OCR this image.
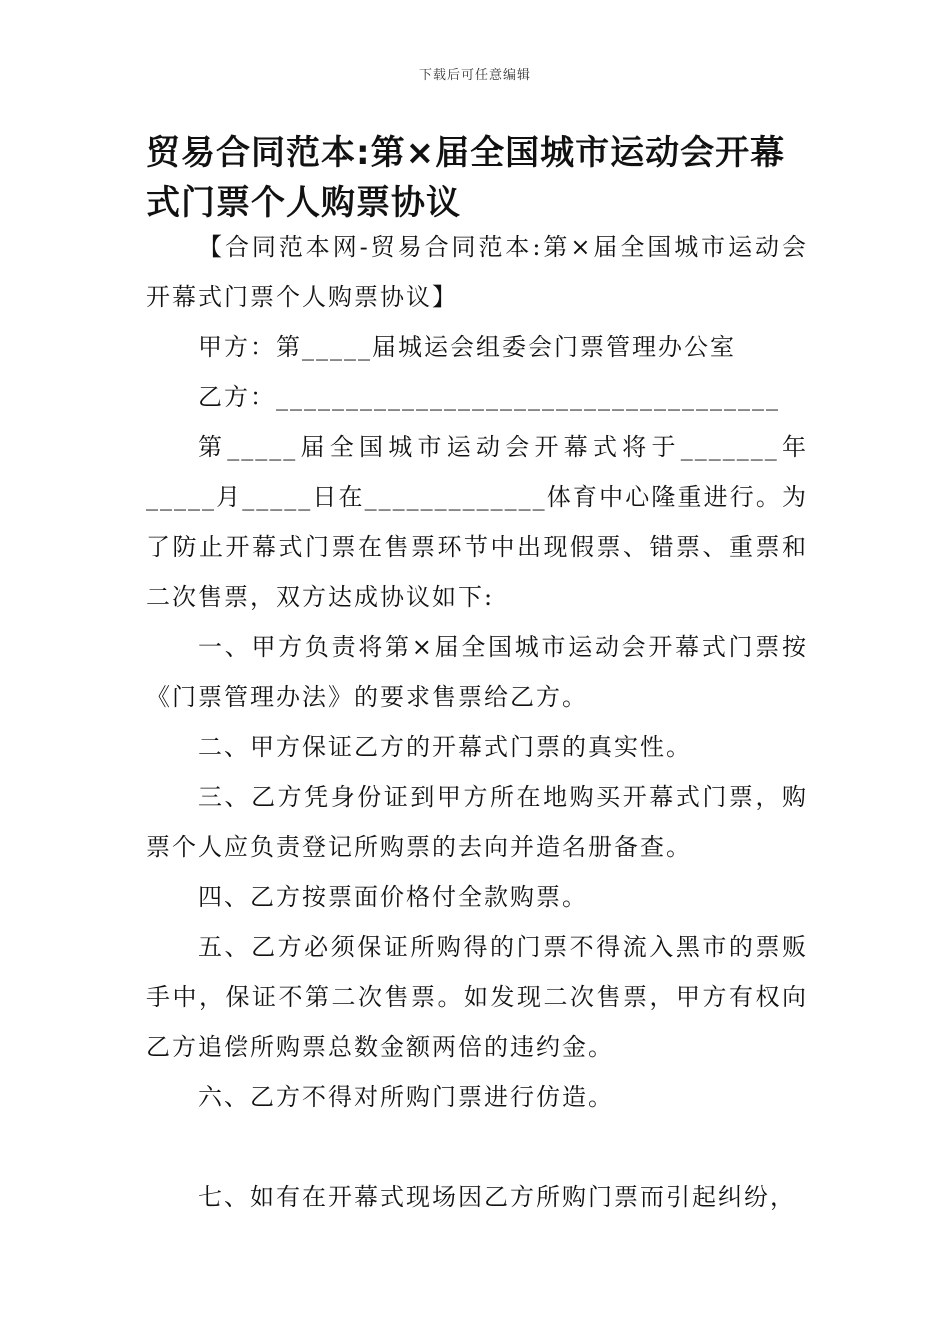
下载后可任意编辑
贸易合同范本:第×届全国城市运动会开幕式门票个人购票协议

【合同范本网-贸易合同范本:第×届全国城市运动会开幕式门票个人购票协议】

甲方：第_____届城运会组委会门票管理办公室

乙方：____________________________________

第_____届全国城市运动会开幕式将于_______年_____月_____日在_____________体育中心隆重进行。为了防止开幕式门票在售票环节中出现假票、错票、重票和二次售票，双方达成协议如下:

一、甲方负责将第×届全国城市运动会开幕式门票按《门票管理办法》的要求售票给乙方。

二、甲方保证乙方的开幕式门票的真实性。

三、乙方凭身份证到甲方所在地购买开幕式门票，购票个人应负责登记所购票的去向并造名册备查。

四、乙方按票面价格付全款购票。

五、乙方必须保证所购得的门票不得流入黑市的票贩手中，保证不第二次售票。如发现二次售票，甲方有权向乙方追偿所购票总数金额两倍的违约金。

六、乙方不得对所购门票进行仿造。

七、如有在开幕式现场因乙方所购门票而引起纠纷，
